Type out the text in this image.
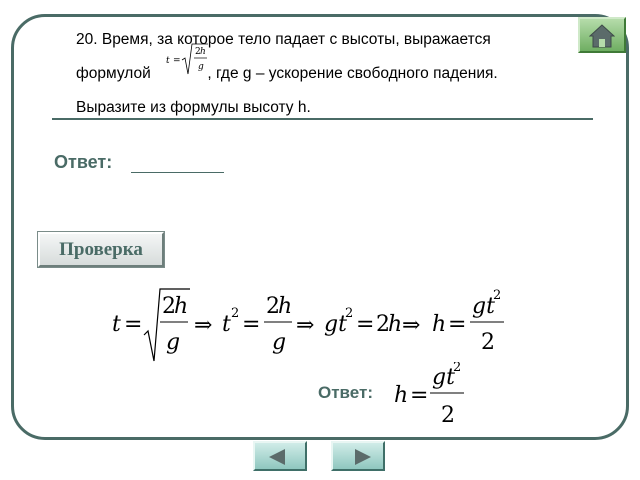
20. Время, за которое тело падает с высоты, выражается
формулой
t =
2 h
g , где g – ускорение свободного падения.
Выразите из формулы высоту h.
Ответ:
Проверка
t =
2
h
g
⇒ t 2 =
2
h
g
⇒ gt
2 = 2
h ⇒ h =
gt
2
2
Ответ: h =
gt
2
2
